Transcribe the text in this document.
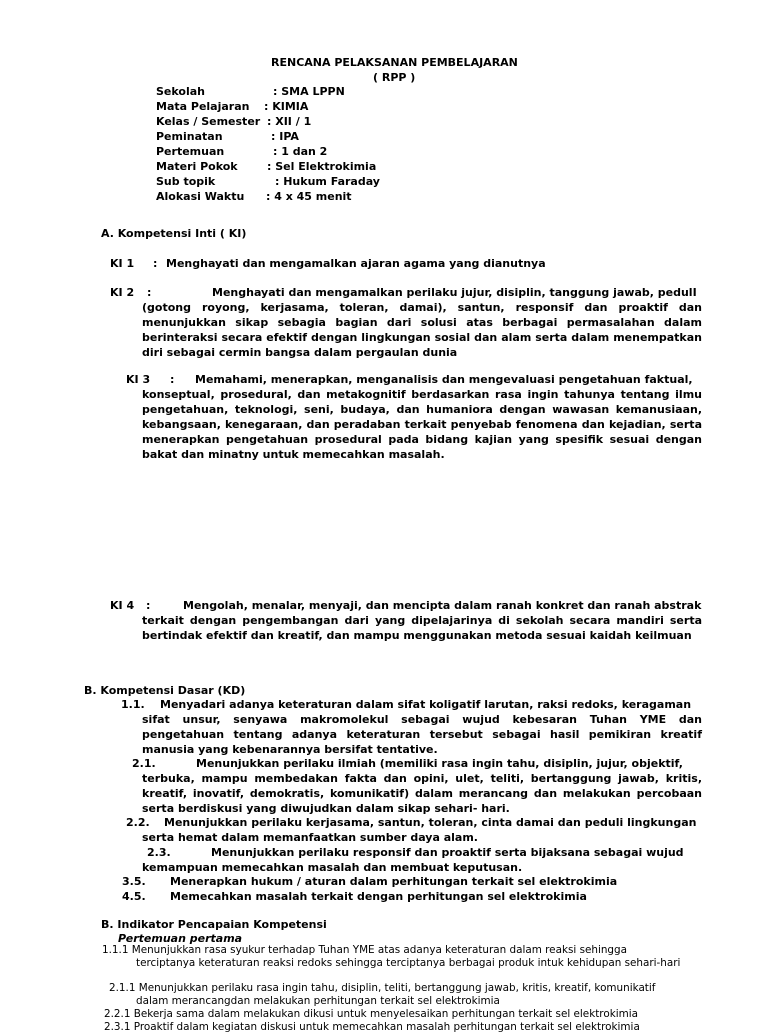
RENCANA PELAKSANAN PEMBELAJARAN

( RPP )

Sekolah	: SMA LPPN
Mata Pelajaran : KIMIA
Kelas / Semester : XII / 1
Peminatan	: IPA
Pertemuan	: 1 dan 2
Materi Pokok	: Sel Elektrokimia
Sub topik	: Hukum Faraday
Alokasi Waktu : 4 x 45 menit

A. Kompetensi Inti ( KI)

KI 1 : Menghayati dan mengamalkan ajaran agama yang dianutnya

KI 2 :	Menghayati dan mengamalkan perilaku jujur, disiplin, tanggung jawab, pedulI

(gotong royong, kerjasama, toleran, damai), santun, responsif dan proaktif dan menunjukkan sikap sebagia bagian dari solusi atas berbagai permasalahan dalam berinteraksi secara efektif dengan lingkungan sosial dan alam serta dalam menempatkan diri sebagai cermin bangsa dalam pergaulan dunia

KI 3 : Memahami, menerapkan, menganalisis dan mengevaluasi pengetahuan faktual,

konseptual, prosedural, dan metakognitif berdasarkan rasa ingin tahunya tentang ilmu pengetahuan, teknologi, seni, budaya, dan humaniora dengan wawasan kemanusiaan, kebangsaan, kenegaraan, dan peradaban terkait penyebab fenomena dan kejadian, serta menerapkan pengetahuan prosedural pada bidang kajian yang spesifik sesuai dengan bakat dan minatny untuk memecahkan masalah.

KI 4 :	Mengolah, menalar, menyaji, dan mencipta dalam ranah konkret dan ranah abstrak

terkait dengan pengembangan dari yang dipelajarinya di sekolah secara mandiri serta bertindak efektif dan kreatif, dan mampu menggunakan metoda sesuai kaidah keilmuan

B. Kompetensi Dasar (KD)

1.1. Menyadari adanya keteraturan dalam sifat koligatif larutan, raksi redoks, keragaman

sifat unsur, senyawa makromolekul sebagai wujud kebesaran Tuhan YME dan pengetahuan tentang adanya keteraturan tersebut sebagai hasil pemikiran kreatif manusia yang kebenarannya bersifat tentative.

2.1.	Menunjukkan perilaku ilmiah (memiliki rasa ingin tahu, disiplin, jujur, objektif,

terbuka, mampu membedakan fakta dan opini, ulet, teliti, bertanggung jawab, kritis, kreatif, inovatif, demokratis, komunikatif) dalam merancang dan melakukan percobaan serta berdiskusi yang diwujudkan dalam sikap sehari- hari.

2.2. Menunjukkan perilaku kerjasama, santun, toleran, cinta damai dan peduli lingkungan

serta hemat dalam memanfaatkan sumber daya alam.

2.3.	Menunjukkan perilaku responsif dan proaktif serta bijaksana sebagai wujud

kemampuan memecahkan masalah dan membuat keputusan.

3.5. Menerapkan hukum / aturan dalam perhitungan terkait sel elektrokimia

4.5. Memecahkan masalah terkait dengan perhitungan sel elektrokimia

B. Indikator Pencapaian Kompetensi

Pertemuan pertama

1.1.1 Menunjukkan rasa syukur terhadap Tuhan YME atas adanya keteraturan dalam reaksi sehingga

terciptanya keteraturan reaksi redoks sehingga terciptanya berbagai produk intuk kehidupan sehari-hari

2.1.1 Menunjukkan perilaku rasa ingin tahu, disiplin, teliti, bertanggung jawab, kritis, kreatif, komunikatif

dalam merancangdan melakukan perhitungan terkait sel elektrokimia

2.2.1 Bekerja sama dalam melakukan dikusi untuk menyelesaikan perhitungan terkait sel elektrokimia

2.3.1 Proaktif dalam kegiatan diskusi untuk memecahkan masalah perhitungan terkait sel elektrokimia
